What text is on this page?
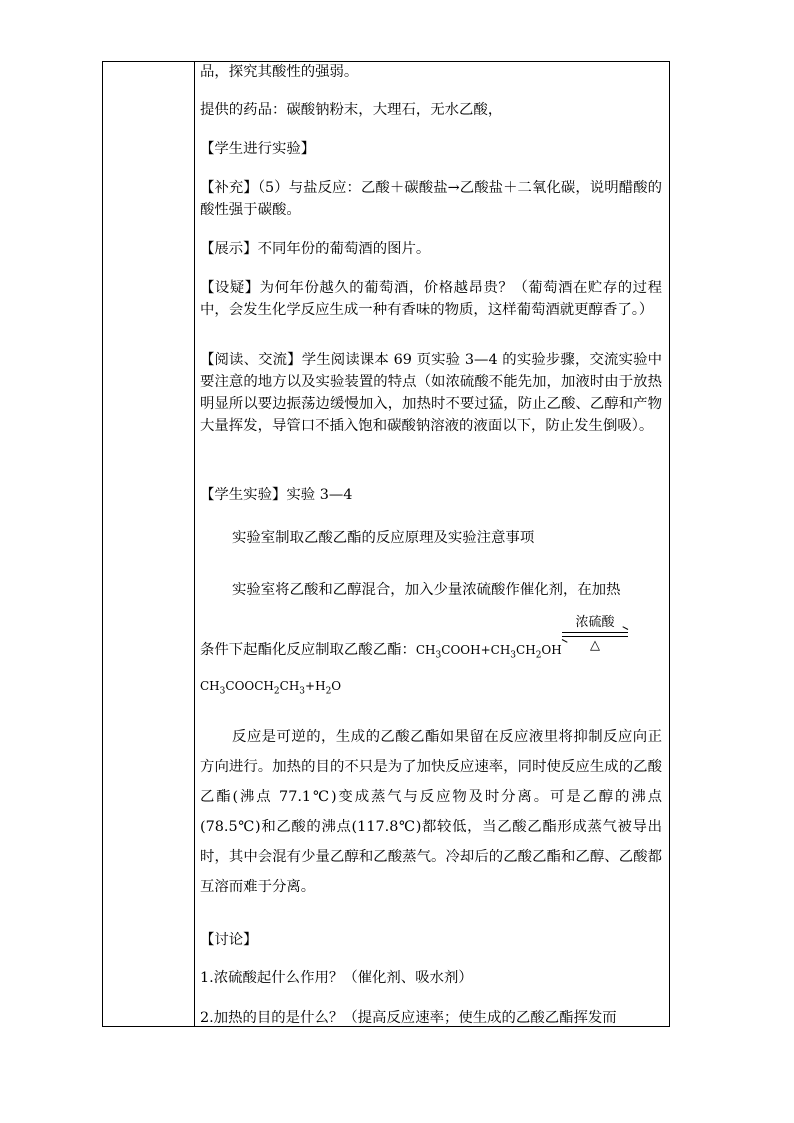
品，探究其酸性的强弱。

提供的药品：碳酸钠粉末，大理石，无水乙酸，

【学生进行实验】

【补充】（5）与盐反应：乙酸＋碳酸盐→乙酸盐＋二氧化碳，说明醋酸的酸性强于碳酸。

【展示】不同年份的葡萄酒的图片。

【设疑】为何年份越久的葡萄酒，价格越昂贵？（葡萄酒在贮存的过程中，会发生化学反应生成一种有香味的物质，这样葡萄酒就更醇香了。）

【阅读、交流】学生阅读课本 69 页实验 3—4 的实验步骤，交流实验中要注意的地方以及实验装置的特点（如浓硫酸不能先加，加液时由于放热明显所以要边振荡边缓慢加入，加热时不要过猛，防止乙酸、乙醇和产物大量挥发，导管口不插入饱和碳酸钠溶液的液面以下，防止发生倒吸）。

【学生实验】实验 3—4

实验室制取乙酸乙酯的反应原理及实验注意事项

实验室将乙酸和乙醇混合，加入少量浓硫酸作催化剂，在加热

条件下起酯化反应制取乙酸乙酯：$CH_3COOH+CH_3CH_2OH$
浓硫酸
△
$CH_3COOCH_2CH_3+H_2O$

反应是可逆的，生成的乙酸乙酯如果留在反应液里将抑制反应向正方向进行。加热的目的不只是为了加快反应速率，同时使反应生成的乙酸乙酯(沸点 77.1℃)变成蒸气与反应物及时分离。可是乙醇的沸点(78.5℃)和乙酸的沸点(117.8℃)都较低，当乙酸乙酯形成蒸气被导出时，其中会混有少量乙醇和乙酸蒸气。冷却后的乙酸乙酯和乙醇、乙酸都互溶而难于分离。

【讨论】

1.浓硫酸起什么作用？（催化剂、吸水剂）

2.加热的目的是什么？（提高反应速率；使生成的乙酸乙酯挥发而
